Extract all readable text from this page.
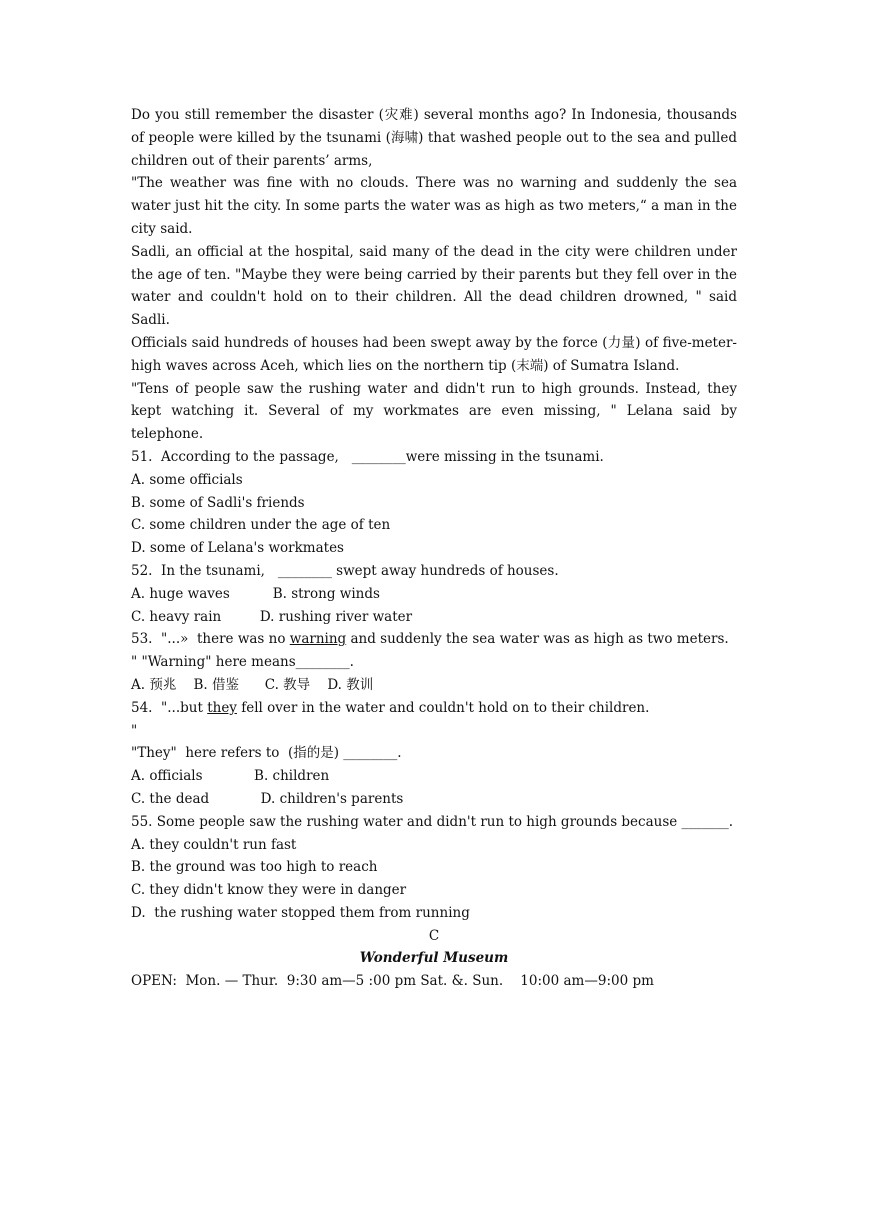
Do you still remember the disaster (灾难) several months ago? In Indonesia, thousands of people were killed by the tsunami (海啸) that washed people out to the sea and pulled children out of their parents’ arms,

"The weather was fine with no clouds. There was no warning and suddenly the sea water just hit the city. In some parts the water was as high as two meters,“ a man in the city said.

Sadli, an official at the hospital, said many of the dead in the city were children under the age of ten. "Maybe they were being carried by their parents but they fell over in the water and couldn't hold on to their children. All the dead children drowned, " said Sadli.

Officials said hundreds of houses had been swept away by the force (力量) of five-meter-high waves across Aceh, which lies on the northern tip (末端) of Sumatra Island.

"Tens of people saw the rushing water and didn't run to high grounds. Instead, they kept watching it. Several of my workmates are even missing, " Lelana said by telephone.

51.  According to the passage,   ________were missing in the tsunami.

A. some officials

B. some of Sadli's friends

C. some children under the age of ten

D. some of Lelana's workmates

52.  In the tsunami,   ________ swept away hundreds of houses.

A. huge waves          B. strong winds

C. heavy rain         D. rushing river water

53.  "...»  there was no warning and suddenly the sea water was as high as two meters.

" "Warning" here means________.

A. 预兆    B. 借鉴      C. 教导    D. 教训

54.  "...but they fell over in the water and couldn't hold on to their children.

"

"They"  here refers to  (指的是) ________.

A. officials            B. children

C. the dead            D. children's parents

55. Some people saw the rushing water and didn't run to high grounds because _______.

A. they couldn't run fast

B. the ground was too high to reach

C. they didn't know they were in danger

D.  the rushing water stopped them from running

C

Wonderful Museum

OPEN:  Mon. — Thur.  9:30 am—5 :00 pm Sat. &. Sun.    10:00 am—9:00 pm
